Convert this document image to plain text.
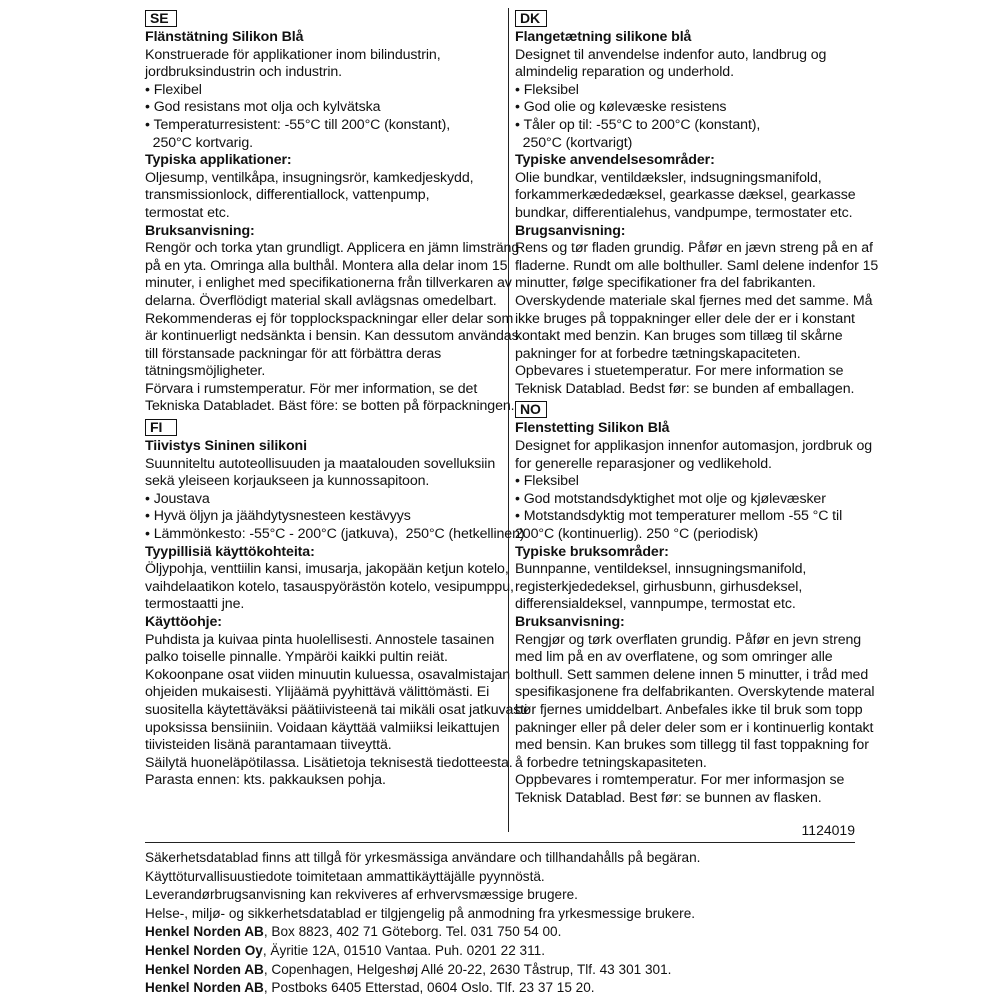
SE
Flänstätning Silikon Blå
Konstruerade för applikationer inom bilindustrin,
jordbruksindustrin och industrin.
• Flexibel
• God resistans mot olja och kylvätska
• Temperaturresistent: -55°C till 200°C (konstant),
250°C kortvarig.
Typiska applikationer:
Oljesump, ventilkåpa, insugningsrör, kamkedjeskydd,
transmissionlock, differentiallock, vattenpump,
termostat etc.
Bruksanvisning:
Rengör och torka ytan grundligt. Applicera en jämn limsträng
på en yta. Omringa alla bulthål. Montera alla delar inom 15
minuter, i enlighet med specifikationerna från tillverkaren av
delarna. Överflödigt material skall avlägsnas omedelbart.
Rekommenderas ej för topplockspackningar eller delar som
är kontinuerligt nedsänkta i bensin. Kan dessutom användas
till förstansade packningar för att förbättra deras
tätningsmöjligheter.
Förvara i rumstemperatur. För mer information, se det
Tekniska Databladet. Bäst före: se botten på förpackningen.
FI
Tiivistys Sininen silikoni
Suunniteltu autoteollisuuden ja maatalouden sovelluksiin
sekä yleiseen korjaukseen ja kunnossapitoon.
• Joustava
• Hyvä öljyn ja jäähdytysnesteen kestävyys
• Lämmönkesto: -55°C - 200°C (jatkuva),  250°C (hetkellinen)
Tyypillisiä käyttökohteita:
Öljypohja, venttiilin kansi, imusarja, jakopään ketjun kotelo,
vaihdelaatikon kotelo, tasauspyörästön kotelo, vesipumppu,
termostaatti jne.
Käyttöohje:
Puhdista ja kuivaa pinta huolellisesti. Annostele tasainen
palko toiselle pinnalle. Ympäröi kaikki pultin reiät.
Kokoonpane osat viiden minuutin kuluessa, osavalmistajan
ohjeiden mukaisesti. Ylijäämä pyyhittävä välittömästi. Ei
suositella käytettäväksi päätiivisteenä tai mikäli osat jatkuvasti
upoksissa bensiiniin. Voidaan käyttää valmiiksi leikattujen
tiivisteiden lisänä parantamaan tiiveyttä.
Säilytä huoneläpötilassa. Lisätietoja teknisestä tiedotteesta.
Parasta ennen: kts. pakkauksen pohja.
DK
Flangetætning silikone blå
Designet til anvendelse indenfor auto, landbrug og
almindelig reparation og underhold.
• Fleksibel
• God olie og kølevæske resistens
• Tåler op til: -55°C to 200°C (konstant),
250°C (kortvarigt)
Typiske anvendelsesområder:
Olie bundkar, ventildæksler, indsugningsmanifold,
forkammerkædedæksel, gearkasse dæksel, gearkasse
bundkar, differentialehus, vandpumpe, termostater etc.
Brugsanvisning:
Rens og tør fladen grundig. Påfør en jævn streng på en af
fladerne. Rundt om alle bolthuller. Saml delene indenfor 15
minutter, følge specifikationer fra del fabrikanten.
Overskydende materiale skal fjernes med det samme. Må
ikke bruges på toppakninger eller dele der er i konstant
kontakt med benzin. Kan bruges som tillæg til skårne
pakninger for at forbedre tætningskapaciteten.
Opbevares i stuetemperatur. For mere information se
Teknisk Datablad. Bedst før: se bunden af emballagen.
NO
Flenstetting Silikon Blå
Designet for applikasjon innenfor automasjon, jordbruk og
for generelle reparasjoner og vedlikehold.
• Fleksibel
• God motstandsdyktighet mot olje og kjølevæsker
• Motstandsdyktig mot temperaturer mellom -55 °C til
200°C (kontinuerlig). 250 °C (periodisk)
Typiske bruksområder:
Bunnpanne, ventildeksel, innsugningsmanifold,
registerkjededeksel, girhusbunn, girhusdeksel,
differensialdeksel, vannpumpe, termostat etc.
Bruksanvisning:
Rengjør og tørk overflaten grundig. Påfør en jevn streng
med lim på en av overflatene, og som omringer alle
bolthull. Sett sammen delene innen 5 minutter, i tråd med
spesifikasjonene fra delfabrikanten. Overskytende materal
bør fjernes umiddelbart. Anbefales ikke til bruk som topp
pakninger eller på deler deler som er i kontinuerlig kontakt
med bensin. Kan brukes som tillegg til fast toppakning for
å forbedre tetningskapasiteten.
Oppbevares i romtemperatur. For mer informasjon se
Teknisk Datablad. Best før: se bunnen av flasken.
1124019
Säkerhetsdatablad finns att tillgå för yrkesmässiga användare och tillhandahålls på begäran.
Käyttöturvallisuustiedote toimitetaan ammattikäyttäjälle pyynnöstä.
Leverandørbrugsanvisning kan rekviveres af erhvervsmæssige brugere.
Helse-, miljø- og sikkerhetsdatablad er tilgjengelig på anmodning fra yrkesmessige brukere.
Henkel Norden AB, Box 8823, 402 71 Göteborg. Tel. 031 750 54 00.
Henkel Norden Oy, Äyritie 12A, 01510 Vantaa. Puh. 0201 22 311.
Henkel Norden AB, Copenhagen, Helgeshøj Allé 20-22, 2630 Tåstrup, Tlf. 43 301 301.
Henkel Norden AB, Postboks 6405 Etterstad, 0604 Oslo. Tlf. 23 37 15 20.
